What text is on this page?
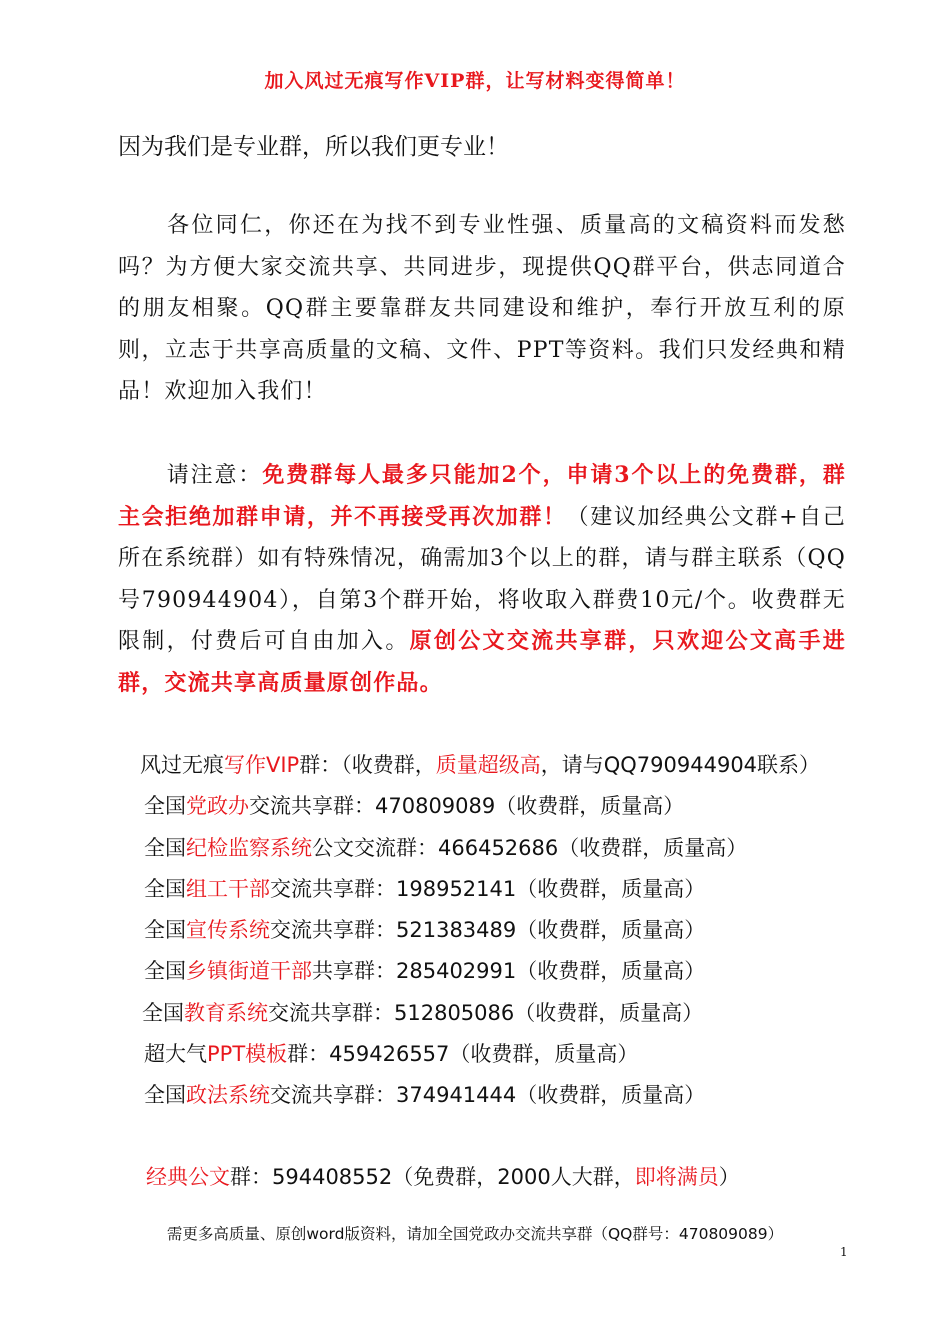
加入风过无痕写作VIP群，让写材料变得简单！
因为我们是专业群，所以我们更专业！
各位同仁，你还在为找不到专业性强、质量高的文稿资料而发愁吗？为方便大家交流共享、共同进步，现提供QQ群平台，供志同道合的朋友相聚。QQ群主要靠群友共同建设和维护，奉行开放互利的原则，立志于共享高质量的文稿、文件、PPT等资料。我们只发经典和精品！欢迎加入我们！
请注意：免费群每人最多只能加2个，申请3个以上的免费群，群主会拒绝加群申请，并不再接受再次加群！（建议加经典公文群+自己所在系统群）如有特殊情况，确需加3个以上的群，请与群主联系（QQ号790944904），自第3个群开始，将收取入群费10元/个。收费群无限制，付费后可自由加入。原创公文交流共享群，只欢迎公文高手进群，交流共享高质量原创作品。
风过无痕写作VIP群：（收费群，质量超级高，请与QQ790944904联系）
全国党政办交流共享群：470809089（收费群，质量高）
全国纪检监察系统公文交流群：466452686（收费群，质量高）
全国组工干部交流共享群：198952141（收费群，质量高）
全国宣传系统交流共享群：521383489（收费群，质量高）
全国乡镇街道干部共享群：285402991（收费群，质量高）
全国教育系统交流共享群：512805086（收费群，质量高）
超大气PPT模板群：459426557（收费群，质量高）
全国政法系统交流共享群：374941444（收费群，质量高）
经典公文群：594408552（免费群，2000人大群，即将满员）
需更多高质量、原创word版资料，请加全国党政办交流共享群（QQ群号：470809089）
1
